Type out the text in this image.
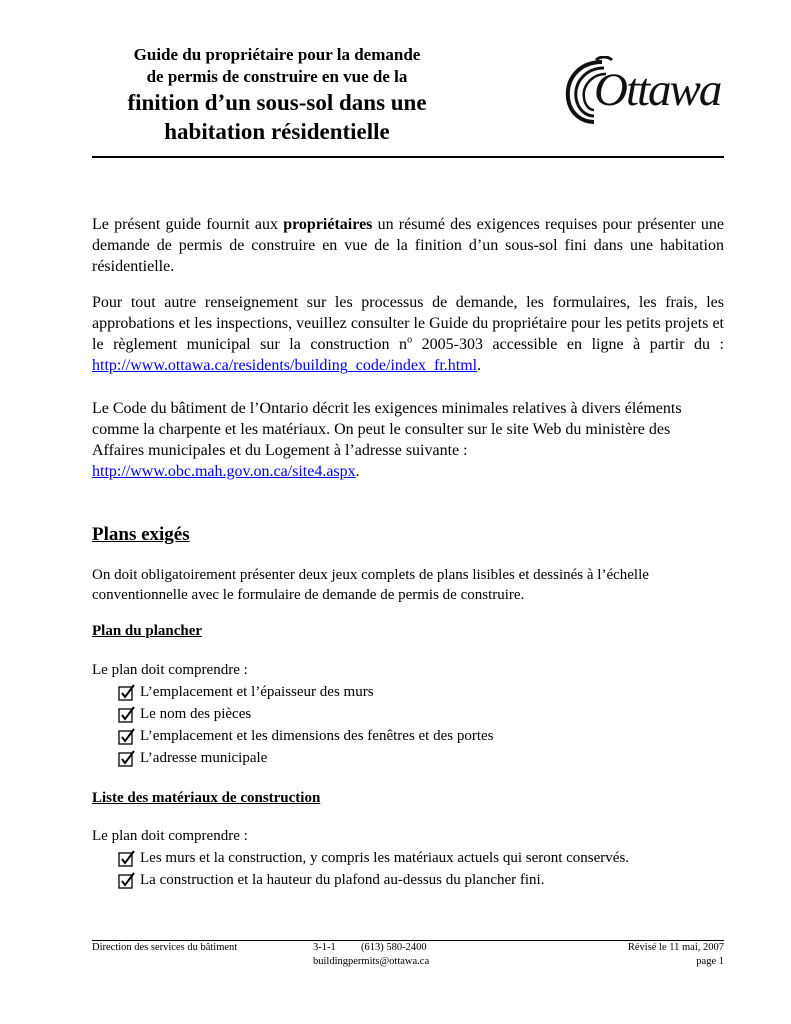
Guide du propriétaire pour la demande
de permis de construire en vue de la
finition d’un sous-sol dans une
habitation résidentielle
Ottawa
Le présent guide fournit aux propriétaires un résumé des exigences requises pour présenter une demande de permis de construire en vue de la finition d’un sous-sol fini dans une habitation résidentielle.
Pour tout autre renseignement sur les processus de demande, les formulaires, les frais, les approbations et les inspections, veuillez consulter le Guide du propriétaire pour les petits projets et le règlement municipal sur la construction $n^o$ 2005-303 accessible en ligne à partir du : http://www.ottawa.ca/residents/building_code/index_fr.html.
Le Code du bâtiment de l’Ontario décrit les exigences minimales relatives à divers éléments comme la charpente et les matériaux. On peut le consulter sur le site Web du ministère des Affaires municipales et du Logement à l’adresse suivante : http://www.obc.mah.gov.on.ca/site4.aspx.
Plans exigés
On doit obligatoirement présenter deux jeux complets de plans lisibles et dessinés à l’échelle conventionnelle avec le formulaire de demande de permis de construire.
Plan du plancher
Le plan doit comprendre :
L’emplacement et l’épaisseur des murs
Le nom des pièces
L’emplacement et les dimensions des fenêtres et des portes
L’adresse municipale
Liste des matériaux de construction
Le plan doit comprendre :
Les murs et la construction, y compris les matériaux actuels qui seront conservés.
La construction et la hauteur du plafond au-dessus du plancher fini.
Direction des services du bâtiment	3-1-1 (613) 580-2400
buildingpermits@ottawa.ca
Révisé le 11 mai, 2007
page 1
